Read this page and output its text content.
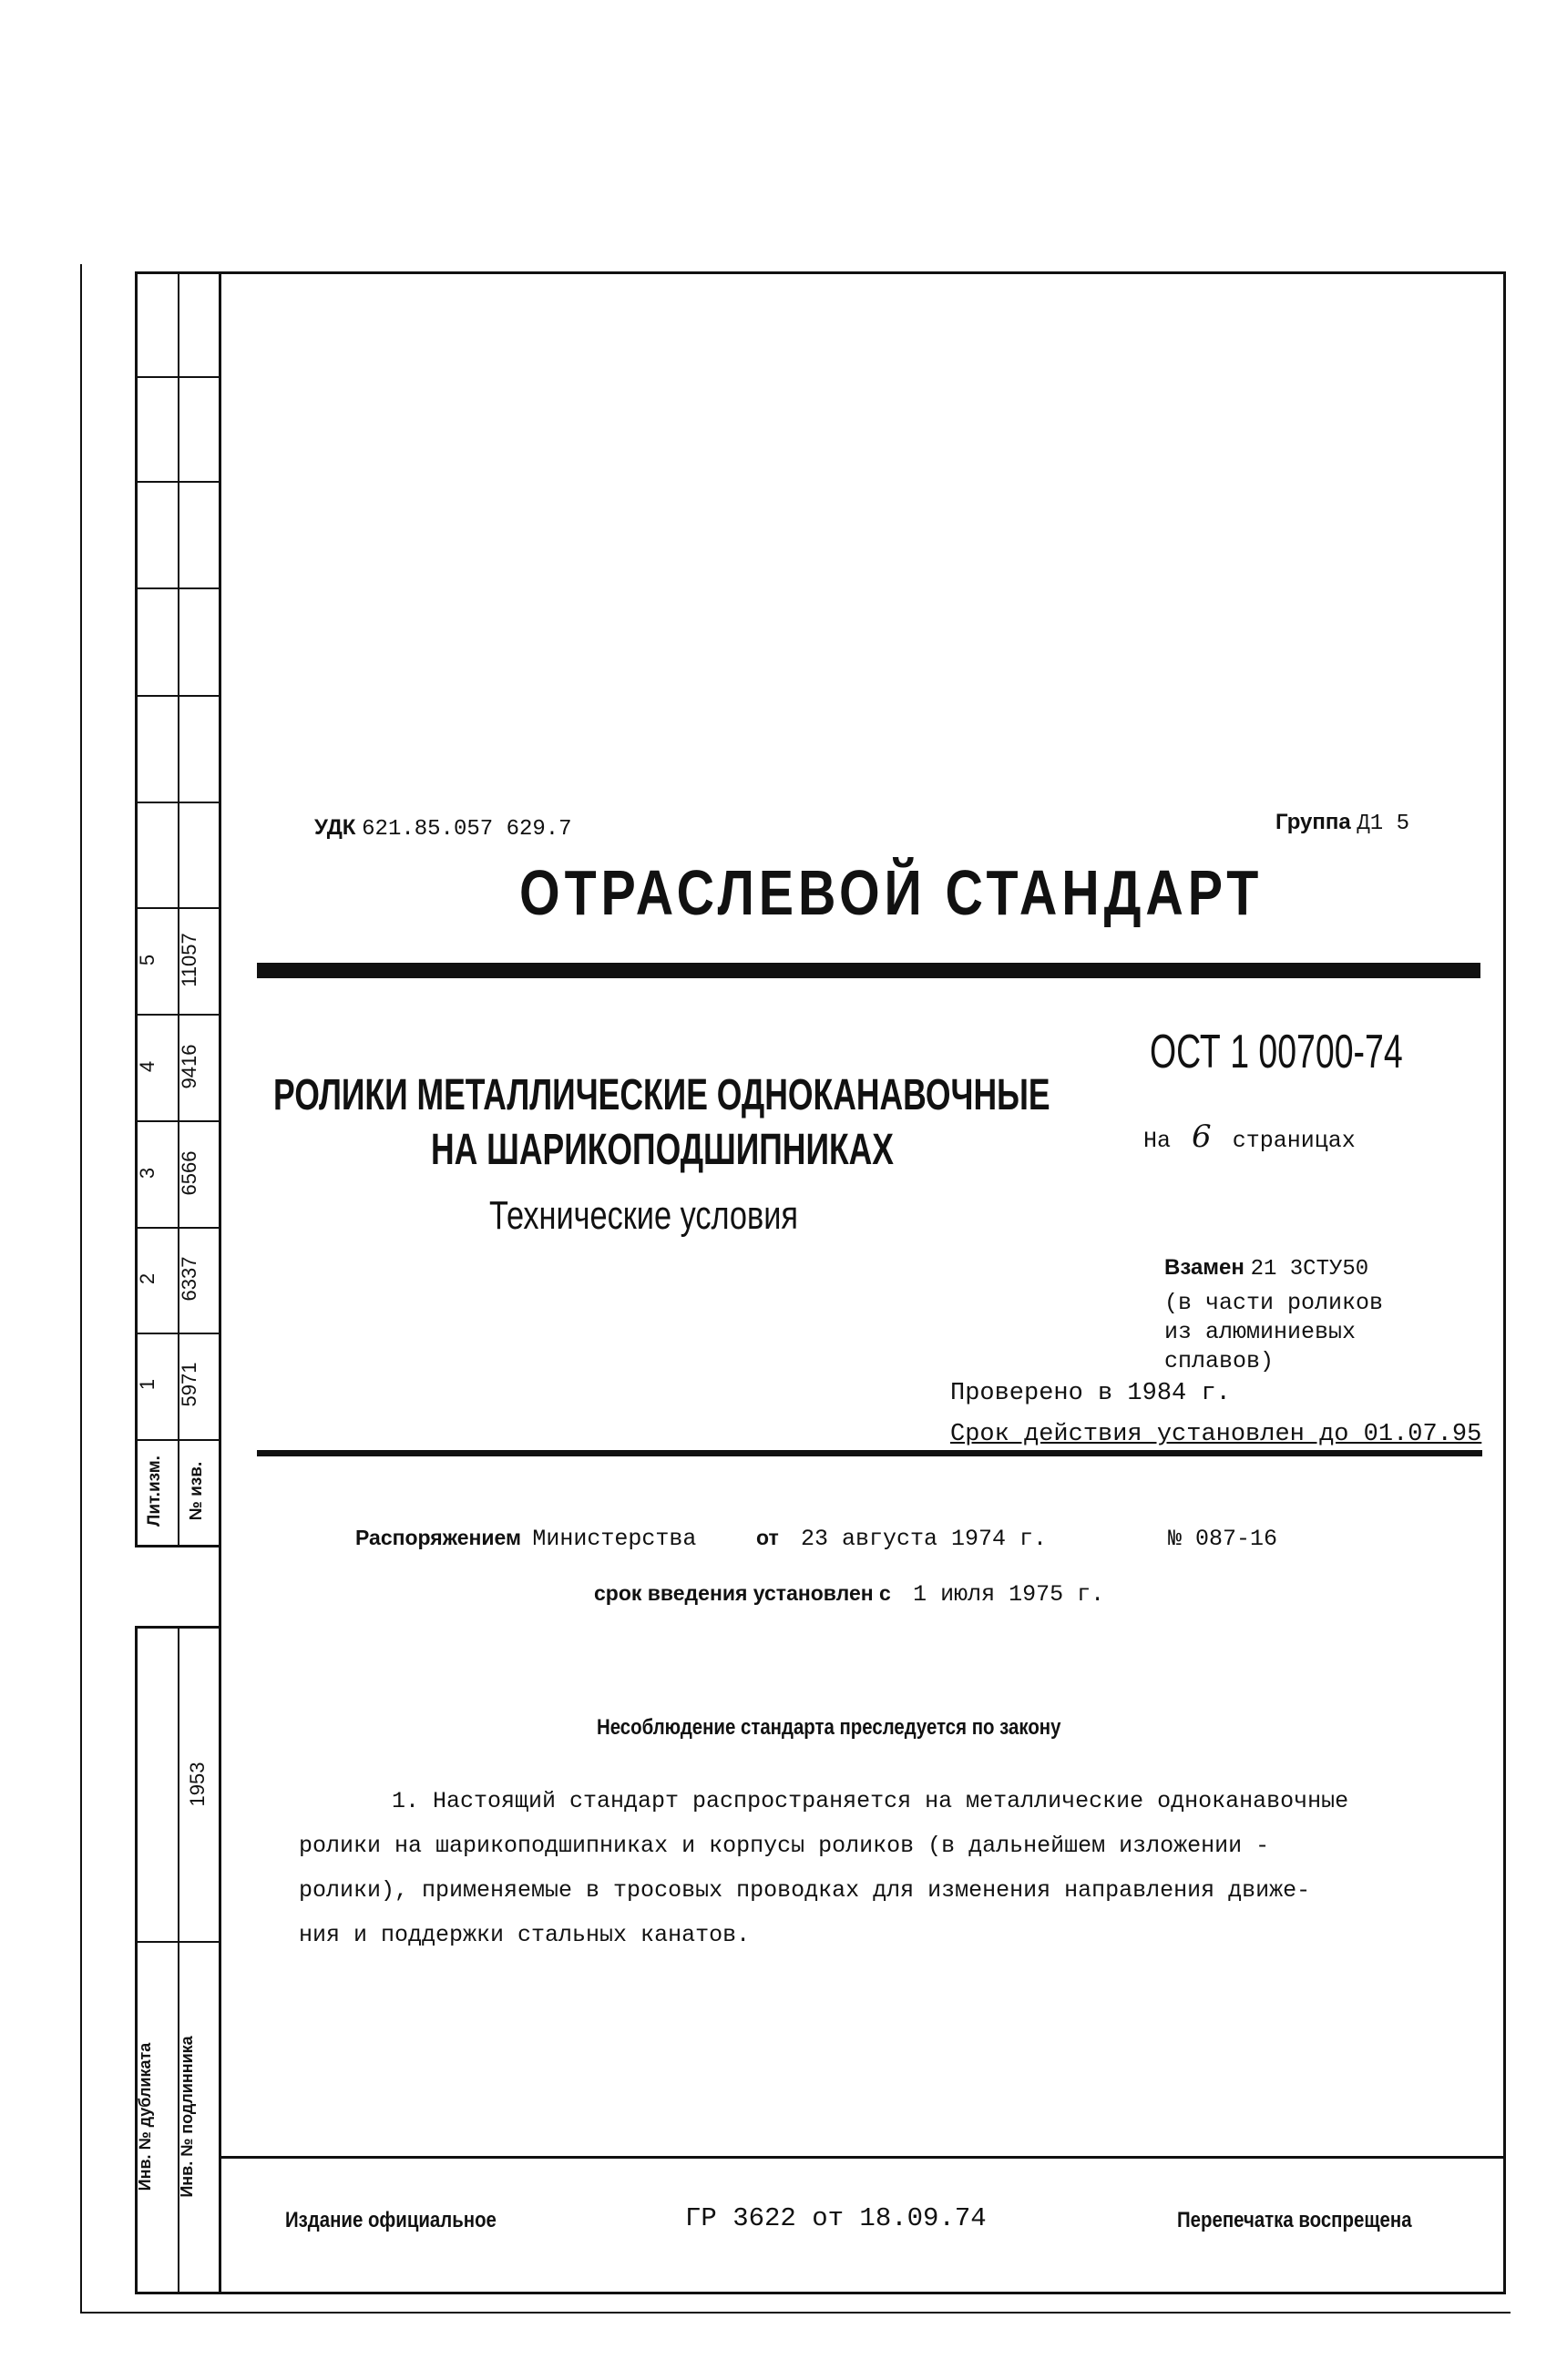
Лит.изм.	№ изв.
1 5971
2 6337
3 6566
4 9416
5 11057
1953
Инв. № дубликата	Инв. № подлинника
УДК 621.85.057 629.7	Группа Д1 5
ОТРАСЛЕВОЙ СТАНДАРТ
РОЛИКИ МЕТАЛЛИЧЕСКИЕ ОДНОКАНАВОЧНЫЕ
НА ШАРИКОПОДШИПНИКАХ
Технические условия
ОСТ 1 00700-74
На 6 страницах
Взамен 21 3СТУ50
(в части роликов
из алюминиевых
сплавов)
Проверено в 1984 г.
Срок действия установлен до 01.07.95
Распоряжением Министерства	от 23 августа 1974 г.	№ 087-16
срок введения установлен с 1 июля 1975 г.
Несоблюдение стандарта преследуется по закону
1. Настоящий стандарт распространяется на металлические одноканавочные
ролики на шарикоподшипниках и корпусы роликов (в дальнейшем изложении -
ролики), применяемые в тросовых проводках для изменения направления движе-
ния и поддержки стальных канатов.
Издание официальное	ГР 3622 от 18.09.74	Перепечатка воспрещена
